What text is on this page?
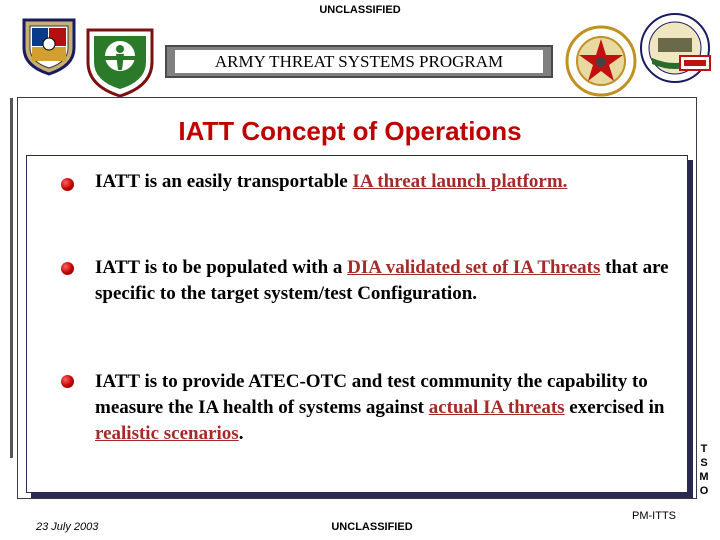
UNCLASSIFIED
ARMY THREAT SYSTEMS PROGRAM
IATT Concept of Operations
IATT is an easily transportable IA threat launch platform.
IATT is to be populated with a DIA validated set of IA Threats that are specific to the target system/test Configuration.
IATT is to provide ATEC-OTC and test community the capability to measure the IA health of systems against actual IA threats exercised in realistic scenarios.
T
S
M
O
23 July 2003	UNCLASSIFIED
PM-ITTS
